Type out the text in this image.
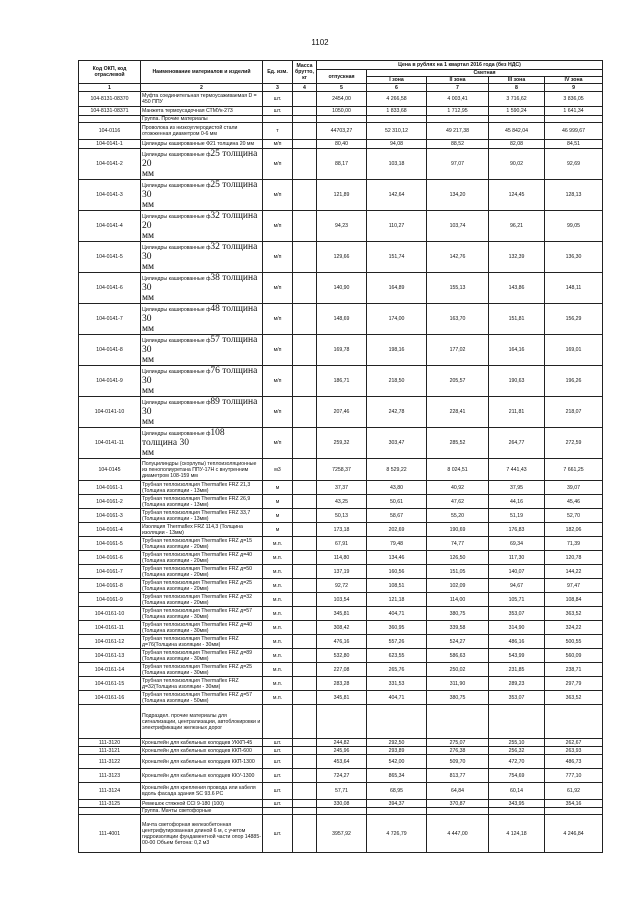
1102
Код ОКП, код отраслевой	Наименование материалов и изделий	Ед. изм.	Масса брутто, кг	Цена в рублях на 1 квартал 2016 года (без НДС)				
				отпускная	Сметная			
					I зона	II зона	III зона	IV зона
1	2	3	4	5	6	7	8	9
104-8131-08370	Муфта соединительная термоусаживаемая D = 450 ППУ	шт.		2454,00	4 266,58	4 003,41	3 716,62	3 836,05
104-8131-08371	Манжета термоусадочная СТМУк-273	шт.		1050,00	1 833,68	1 712,95	1 590,24	1 641,34
	Группа. Прочие материалы							
104-0116	Проволока из низкоуглеродистой стали отожженная диаметром 0-6 мм	т		44703,27	52 310,12	49 217,38	45 842,04	46 999,67
104-0141-1	Цилиндры кашированные Ф21 толщина 20 мм	м/п		80,40	94,08	88,52	82,08	84,51
104-0141-2	Цилиндры кашированные ф25 толщина 20
мм	м/п		88,17	103,18	97,07	90,02	92,69
104-0141-3	Цилиндры кашированные ф25 толщина 30
мм	м/п		121,89	142,64	134,20	124,45	128,13
104-0141-4	Цилиндры кашированные ф32 толщина 20
мм	м/п		94,23	110,27	103,74	96,21	99,05
104-0141-5	Цилиндры кашированные ф32 толщина 30
мм	м/п		129,66	151,74	142,76	132,39	136,30
104-0141-6	Цилиндры кашированные ф38 толщина 30
мм	м/п		140,90	164,89	155,13	143,86	148,11
104-0141-7	Цилиндры кашированные ф48 толщина 30
мм	м/п		148,69	174,00	163,70	151,81	156,29
104-0141-8	Цилиндры кашированные ф57 толщина 30
мм	м/п		169,78	198,16	177,02	164,16	169,01
104-0141-9	Цилиндры кашированные ф76 толщина 30
мм	м/п		186,71	218,50	205,57	190,63	196,26
104-0141-10	Цилиндры кашированные ф89 толщина 30
мм	м/п		207,46	242,78	228,41	211,81	218,07
104-0141-11	Цилиндры кашированные ф108 толщина 30
мм	м/п		259,32	303,47	285,52	264,77	272,59
104-0145	Полуцилиндры (скорлупы) теплоизоляционные из пенополиуретана ППУ-17Н с внутренним диаметром 108-159 мм	м3		7258,37	8 529,22	8 024,51	7 441,43	7 661,25
104-0161-1	Трубная теплоизоляция Thermaflex FRZ 21,3 (Толщина изоляции - 13мм)	м		37,37	43,80	40,92	37,95	39,07
104-0161-2	Трубная теплоизоляция Thermaflex FRZ 26,9 (Толщина изоляции - 13мм)	м		43,25	50,61	47,62	44,16	45,46
104-0161-3	Трубная теплоизоляция Thermaflex FRZ 33,7 (Толщина изоляции - 13мм)	м		50,13	58,67	55,20	51,19	52,70
104-0161-4	Изоляция Thermaflex FRZ 114,3 (Толщина изоляции - 13мм)	м		173,18	202,69	190,69	176,83	182,06
104-0161-5	Трубная теплоизоляция Thermaflex FRZ д=15 (Толщина изоляции - 20мм)	м.п.		67,91	79,48	74,77	69,34	71,39
104-0161-6	Трубная теплоизоляция Thermaflex FRZ д=40 (Толщина изоляции - 20мм)	м.п.		114,80	134,46	126,50	117,30	120,78
104-0161-7	Трубная теплоизоляция Thermaflex FRZ д=50 (Толщина изоляции - 20мм)	м.п.		137,19	160,56	151,05	140,07	144,22
104-0161-8	Трубная теплоизоляция Thermaflex FRZ д=25 (Толщина изоляции - 20мм)	м.п.		92,72	108,51	102,09	94,67	97,47
104-0161-9	Трубная теплоизоляция Thermaflex FRZ д=32 (Толщина изоляции - 20мм)	м.п.		103,54	121,18	114,00	105,71	108,84
104-0161-10	Трубная теплоизоляция Thermaflex FRZ д=57 (Толщина изоляции - 30мм)	м.п.		345,81	404,71	380,75	353,07	363,52
104-0161-11	Трубная теплоизоляция Thermaflex FRZ д=40 (Толщина изоляции - 30мм)	м.п.		308,42	360,95	339,58	314,90	324,22
104-0161-12	Трубная теплоизоляция Thermaflex FRZ д=76(Толщина изоляции - 30мм)	м.п.		476,16	557,26	524,27	486,16	500,55
104-0161-13	Трубная теплоизоляция Thermaflex FRZ д=89 (Толщина изоляции - 30мм)	м.п.		532,80	623,55	586,63	543,99	560,09
104-0161-14	Трубная теплоизоляция Thermaflex FRZ д=25 (Толщина изоляции - 30мм)	м.п.		227,08	265,76	250,02	231,85	238,71
104-0161-15	Трубная теплоизоляция Thermaflex FRZ д=32(Толщина изоляции - 30мм)	м.п.		283,28	331,53	311,90	289,23	297,79
104-0161-16	Трубная теплоизоляция Thermaflex FRZ д=57 (Толщина изоляции - 50мм)	м.п.		345,81	404,71	380,75	353,07	363,52
	Подраздел. прочие материалы для сигнализации, централизации, автоблокировки и электрификации железных дорог							
111-3120	Кронштейн для кабельных колодцев УККП-45	шт.		244,82	292,50	275,07	255,10	262,67
111-3121	Кронштейн для кабельных колодцев ККП-600	шт.		245,96	293,89	276,38	256,32	263,93
111-3122	Кронштейн для кабельных колодцев ККП-1300	шт.		453,64	542,00	509,70	472,70	486,73
111-3123	Кронштейн для кабельных колодцев ККУ-1300	шт.		724,27	865,34	813,77	754,69	777,10
111-3124	Кронштейн для крепления провода или кабеля вдоль фасада здания SC 93.6 PC	шт.		57,71	68,95	64,84	60,14	61,92
111-3125	Ремешок стяжной CCI 9-180 (100)	шт.		330,08	394,37	370,87	343,95	354,16
	Группа. Мачты светофорные							
111-4001	Мачта светофорная железобетонная центрифугированная длиной 6 м, с учетом гидроизоляции фундаментной части опор 14885-00-00 Объем бетона: 0,2 м3	шт.		3957,92	4 726,79	4 447,00	4 124,18	4 246,84
